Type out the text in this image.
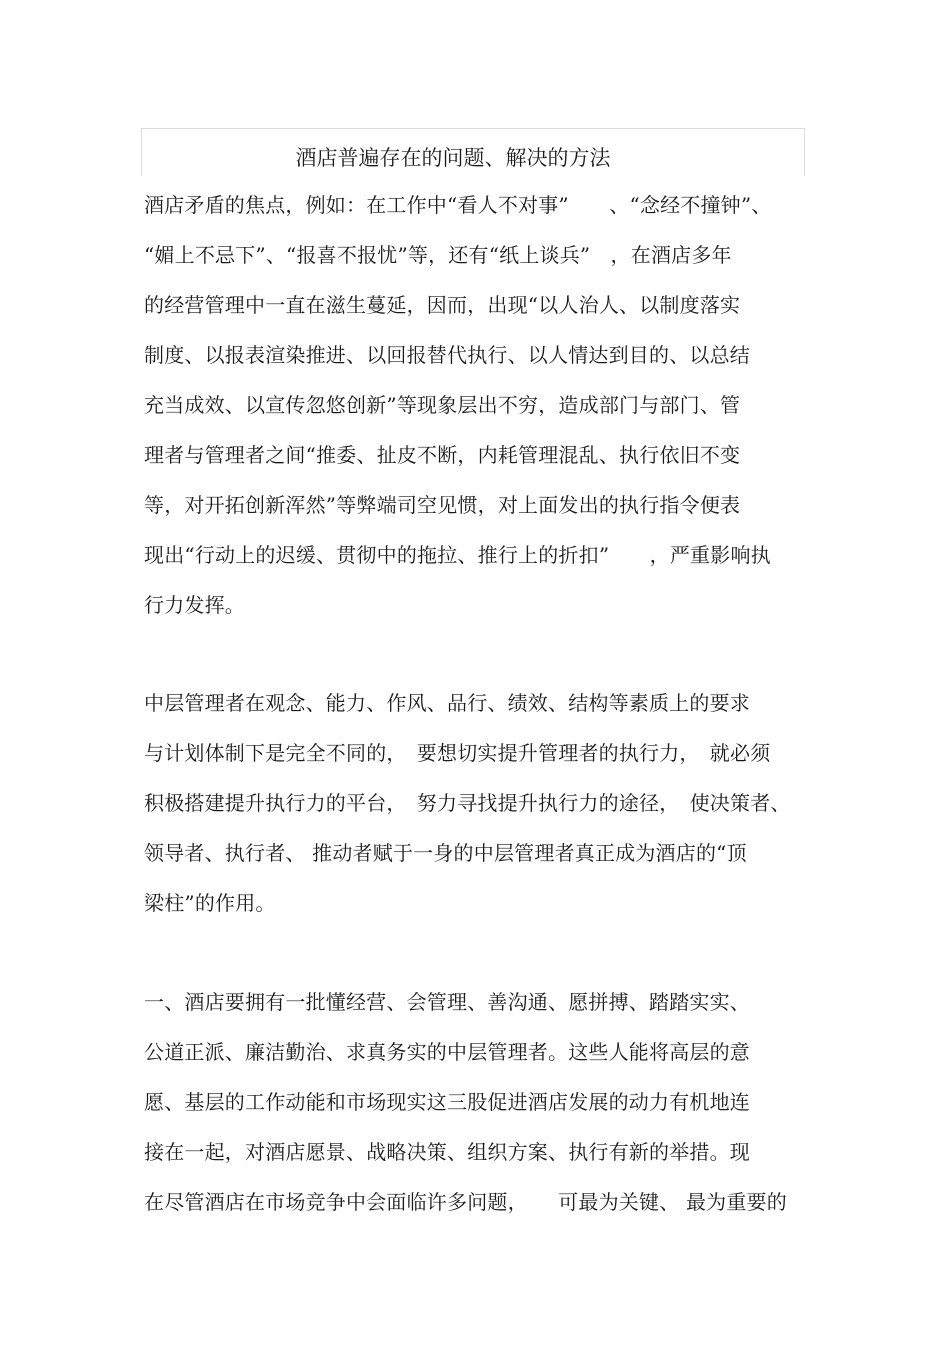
酒店普遍存在的问题、解决的方法
酒店矛盾的焦点，例如：在工作中“看人不对事”　　、“念经不撞钟”、
“媚上不忌下”、“报喜不报忧”等，还有“纸上谈兵”　，在酒店多年
的经营管理中一直在滋生蔓延，因而，出现“以人治人、以制度落实
制度、以报表渲染推进、以回报替代执行、以人情达到目的、以总结
充当成效、以宣传忽悠创新”等现象层出不穷，造成部门与部门、管
理者与管理者之间“推委、扯皮不断，内耗管理混乱、执行依旧不变
等，对开拓创新浑然”等弊端司空见惯，对上面发出的执行指令便表
现出“行动上的迟缓、贯彻中的拖拉、推行上的折扣”　　，严重影响执
行力发挥。
中层管理者在观念、能力、作风、品行、绩效、结构等素质上的要求
与计划体制下是完全不同的，　要想切实提升管理者的执行力，　就必须
积极搭建提升执行力的平台，　努力寻找提升执行力的途径，　使决策者、
领导者、执行者、 推动者赋于一身的中层管理者真正成为酒店的“顶
梁柱”的作用。
一、酒店要拥有一批懂经营、会管理、善沟通、愿拼搏、踏踏实实、
公道正派、廉洁勤治、求真务实的中层管理者。这些人能将高层的意
愿、基层的工作动能和市场现实这三股促进酒店发展的动力有机地连
接在一起，对酒店愿景、战略决策、组织方案、执行有新的举措。现
在尽管酒店在市场竞争中会面临许多问题，　　可最为关键、 最为重要的
